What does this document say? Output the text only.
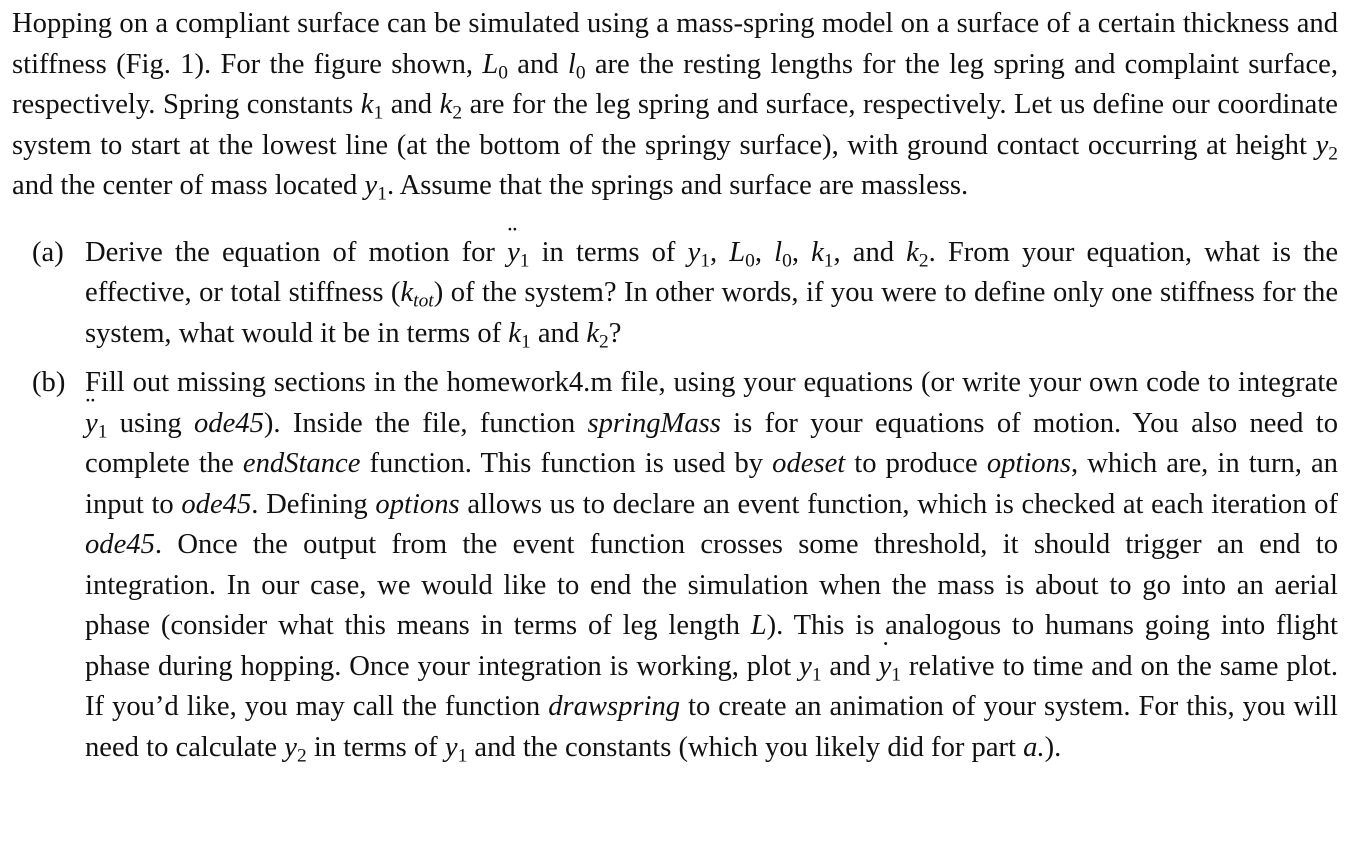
Hopping on a compliant surface can be simulated using a mass-spring model on a surface of a certain thickness and stiffness (Fig. 1). For the figure shown, $L_0$ and $l_0$ are the resting lengths for the leg spring and complaint surface, respectively. Spring constants $k_1$ and $k_2$ are for the leg spring and surface, respectively. Let us define our coordinate system to start at the lowest line (at the bottom of the springy surface), with ground contact occurring at height $y_2$ and the center of mass located $y_1$. Assume that the springs and surface are massless.

(a) Derive the equation of motion for ¨ $y_1$ in terms of $y_1$, $L_0$, $l_0$, $k_1$, and $k_2$. From your equation, what is the effective, or total stiffness $(k_{tot})$ of the system? In other words, if you were to define only one stiffness for the system, what would it be in terms of $k_1$ and $k_2$?
(b) Fill out missing sections in the homework4.m file, using your equations (or write your own code to integrate ¨ $y_1$ using ode45). Inside the file, function springMass is for your equations of motion. You also need to complete the endStance function. This function is used by odeset to produce options, which are, in turn, an input to ode45. Defining options allows us to declare an event function, which is checked at each iteration of ode45. Once the output from the event function crosses some threshold, it should trigger an end to integration. In our case, we would like to end the simulation when the mass is about to go into an aerial phase (consider what this means in terms of leg length L). This is analogous to humans going into flight phase during hopping. Once your integration is working, plot $y_1$ and ˙ $y_1$ relative to time and on the same plot. If you’d like, you may call the function drawspring to create an animation of your system. For this, you will need to calculate $y_2$ in terms of $y_1$ and the constants (which you likely did for part a.).
